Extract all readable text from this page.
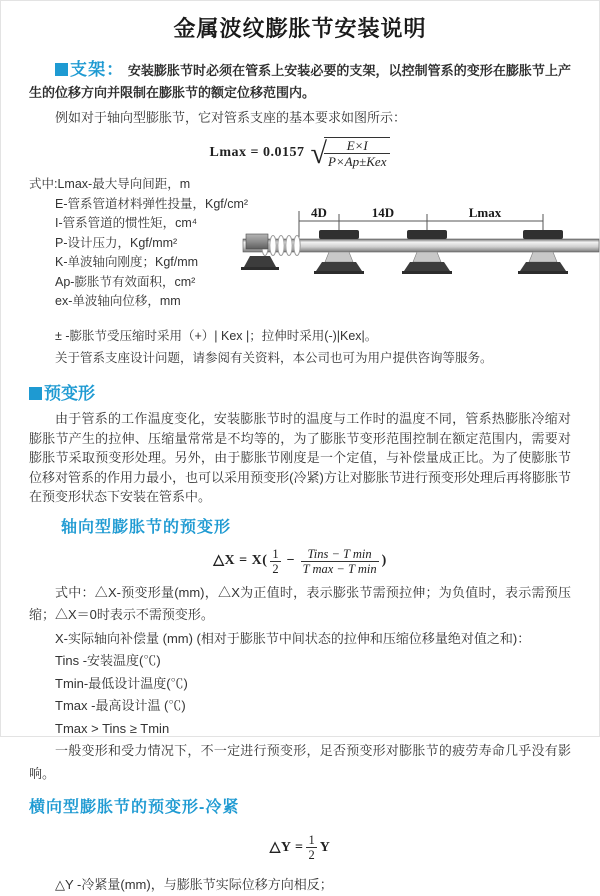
金属波纹膨胀节安装说明

支架： 安装膨胀节时必须在管系上安装必要的支架，以控制管系的变形在膨胀节上产生的位移方向并限制在膨胀节的额定位移范围内。

例如对于轴向型膨胀节，它对管系支座的基本要求如图所示：

Lmax = 0.0157 √
$\frac{E\times I}{\text{P×Ap±Kex}}$
式中:Lmax-最大导向间距，m
E-管系管道材料弹性投量，Kgf/cm²
I-管系管道的惯性矩，cm⁴
P-设计压力，Kgf/mm²
K-单波轴向刚度；Kgf/mm
Ap-膨胀节有效面积，cm²
ex-单波轴向位移，mm
4D	14D	Lmax
± -膨胀节受压缩时采用（+）| Kex |；拉伸时采用(-)|Kex|。
关于管系支座设计问题，请参阅有关资料，本公司也可为用户提供咨询等服务。
预变形

由于管系的工作温度变化，安装膨胀节时的温度与工作时的温度不同，管系热膨胀冷缩对膨胀节产生的拉伸、压缩量常常是不均等的，为了膨胀节变形范围控制在额定范围内，需要对膨胀节采取预变形处理。另外，由于膨胀节刚度是一个定值，与补偿量成正比。为了使膨胀节位移对管系的作用力最小，也可以采用预变形(冷紧)方让对膨胀节进行预变形处理后再将膨胀节在预变形状态下安装在管系中。

轴向型膨胀节的预变形
△X = $X( \frac{1}{2} - \frac{\text{Tins − T min}}{\text{T max − T min}}$ )

式中：△X-预变形量(mm)，△X为正值时，表示膨张节需预拉伸；为负值时，表示需预压缩；△X＝0时表示不需预变形。

X-实际轴向补偿量 (mm) (相对于膨胀节中间状态的拉伸和压缩位移量绝对值之和)：
Tins -安装温度(℃)
Tmin-最低设计温度(℃)
Tmax -最高设计温 (℃)
Tmax > Tins ≥ Tmin

一般变形和受力情况下，不一定进行预变形，足否预变形对膨胀节的疲劳寿命几乎没有影响。

横向型膨胀节的预变形-冷紧
△Y = $\frac{1}{2}$ Y
△Y -冷紧量(mm)，与膨胀节实际位移方向相反；
